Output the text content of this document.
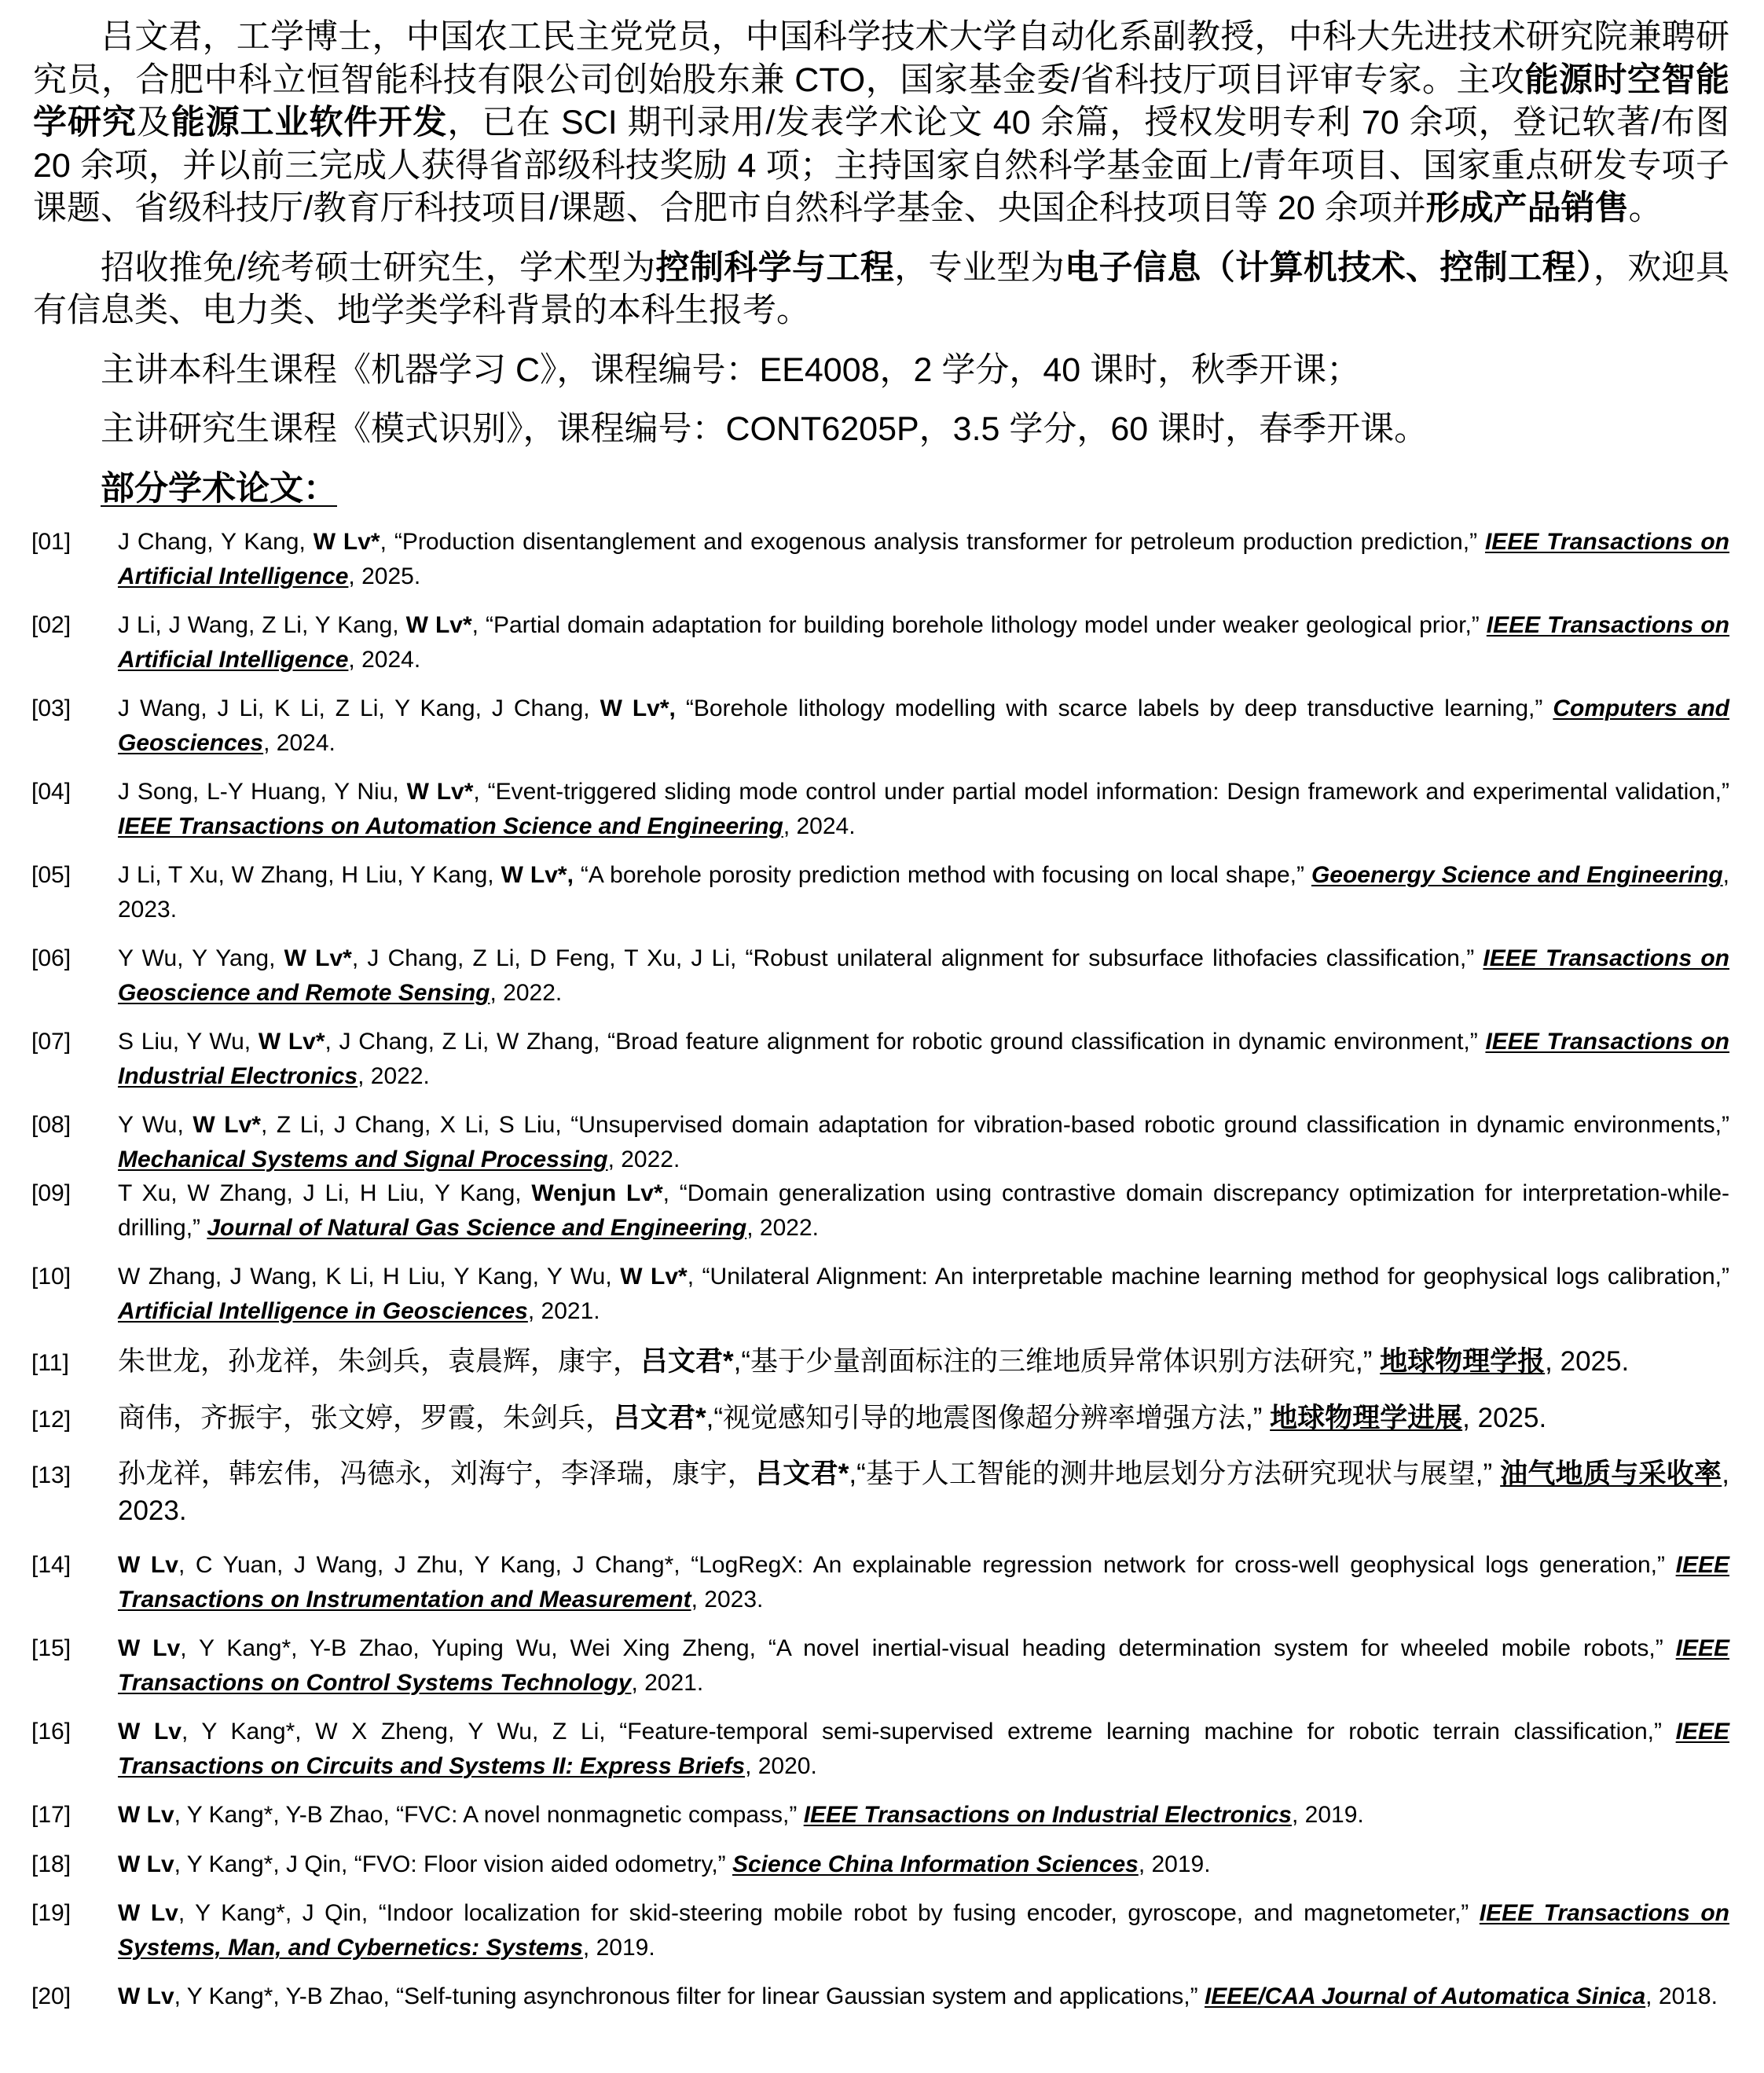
吕文君，工学博士，中国农工民主党党员，中国科学技术大学自动化系副教授，中科大先进技术研究院兼聘研究员，合肥中科立恒智能科技有限公司创始股东兼 CTO，国家基金委/省科技厅项目评审专家。主攻能源时空智能学研究及能源工业软件开发，已在 SCI 期刊录用/发表学术论文 40 余篇，授权发明专利 70 余项，登记软著/布图 20 余项，并以前三完成人获得省部级科技奖励 4 项；主持国家自然科学基金面上/青年项目、国家重点研发专项子课题、省级科技厅/教育厅科技项目/课题、合肥市自然科学基金、央国企科技项目等 20 余项并形成产品销售。

招收推免/统考硕士研究生，学术型为控制科学与工程，专业型为电子信息（计算机技术、控制工程），欢迎具有信息类、电力类、地学类学科背景的本科生报考。

主讲本科生课程《机器学习 C》，课程编号：EE4008，2 学分，40 课时，秋季开课；

主讲研究生课程《模式识别》，课程编号：CONT6205P，3.5 学分，60 课时，春季开课。

部分学术论文：
[01]	J Chang, Y Kang, W Lv*, “Production disentanglement and exogenous analysis transformer for petroleum production prediction,” IEEE Transactions on Artificial Intelligence, 2025.
[02]	J Li, J Wang, Z Li, Y Kang, W Lv*, “Partial domain adaptation for building borehole lithology model under weaker geological prior,” IEEE Transactions on Artificial Intelligence, 2024.
[03]	J Wang, J Li, K Li, Z Li, Y Kang, J Chang, W Lv*, “Borehole lithology modelling with scarce labels by deep transductive learning,” Computers and Geosciences, 2024.
[04]	J Song, L-Y Huang, Y Niu, W Lv*, “Event-triggered sliding mode control under partial model information: Design framework and experimental validation,” IEEE Transactions on Automation Science and Engineering, 2024.
[05]	J Li, T Xu, W Zhang, H Liu, Y Kang, W Lv*, “A borehole porosity prediction method with focusing on local shape,” Geoenergy Science and Engineering, 2023.
[06]	Y Wu, Y Yang, W Lv*, J Chang, Z Li, D Feng, T Xu, J Li, “Robust unilateral alignment for subsurface lithofacies classification,” IEEE Transactions on Geoscience and Remote Sensing, 2022.
[07]	S Liu, Y Wu, W Lv*, J Chang, Z Li, W Zhang, “Broad feature alignment for robotic ground classification in dynamic environment,” IEEE Transactions on Industrial Electronics, 2022.
[08]	Y Wu, W Lv*, Z Li, J Chang, X Li, S Liu, “Unsupervised domain adaptation for vibration-based robotic ground classification in dynamic environments,” Mechanical Systems and Signal Processing, 2022.
[09]	T Xu, W Zhang, J Li, H Liu, Y Kang, Wenjun Lv*, “Domain generalization using contrastive domain discrepancy optimization for interpretation-while-drilling,” Journal of Natural Gas Science and Engineering, 2022.
[10]	W Zhang, J Wang, K Li, H Liu, Y Kang, Y Wu, W Lv*, “Unilateral Alignment: An interpretable machine learning method for geophysical logs calibration,” Artificial Intelligence in Geosciences, 2021.
[11]	朱世龙，孙龙祥，朱剑兵，袁晨辉，康宇，吕文君*,“基于少量剖面标注的三维地质异常体识别方法研究,” 地球物理学报, 2025.
[12]	商伟，齐振宇，张文婷，罗霞，朱剑兵，吕文君*,“视觉感知引导的地震图像超分辨率增强方法,” 地球物理学进展, 2025.
[13]	孙龙祥，韩宏伟，冯德永，刘海宁，李泽瑞，康宇，吕文君*,“基于人工智能的测井地层划分方法研究现状与展望,” 油气地质与采收率, 2023.
[14]	W Lv, C Yuan, J Wang, J Zhu, Y Kang, J Chang*, “LogRegX: An explainable regression network for cross-well geophysical logs generation,” IEEE Transactions on Instrumentation and Measurement, 2023.
[15]	W Lv, Y Kang*, Y-B Zhao, Yuping Wu, Wei Xing Zheng, “A novel inertial-visual heading determination system for wheeled mobile robots,” IEEE Transactions on Control Systems Technology, 2021.
[16]	W Lv, Y Kang*, W X Zheng, Y Wu, Z Li, “Feature-temporal semi-supervised extreme learning machine for robotic terrain classification,” IEEE Transactions on Circuits and Systems II: Express Briefs, 2020.
[17]	W Lv, Y Kang*, Y-B Zhao, “FVC: A novel nonmagnetic compass,” IEEE Transactions on Industrial Electronics, 2019.
[18]	W Lv, Y Kang*, J Qin, “FVO: Floor vision aided odometry,” Science China Information Sciences, 2019.
[19]	W Lv, Y Kang*, J Qin, “Indoor localization for skid-steering mobile robot by fusing encoder, gyroscope, and magnetometer,” IEEE Transactions on Systems, Man, and Cybernetics: Systems, 2019.
[20]	W Lv, Y Kang*, Y-B Zhao, “Self-tuning asynchronous filter for linear Gaussian system and applications,” IEEE/CAA Journal of Automatica Sinica, 2018.
